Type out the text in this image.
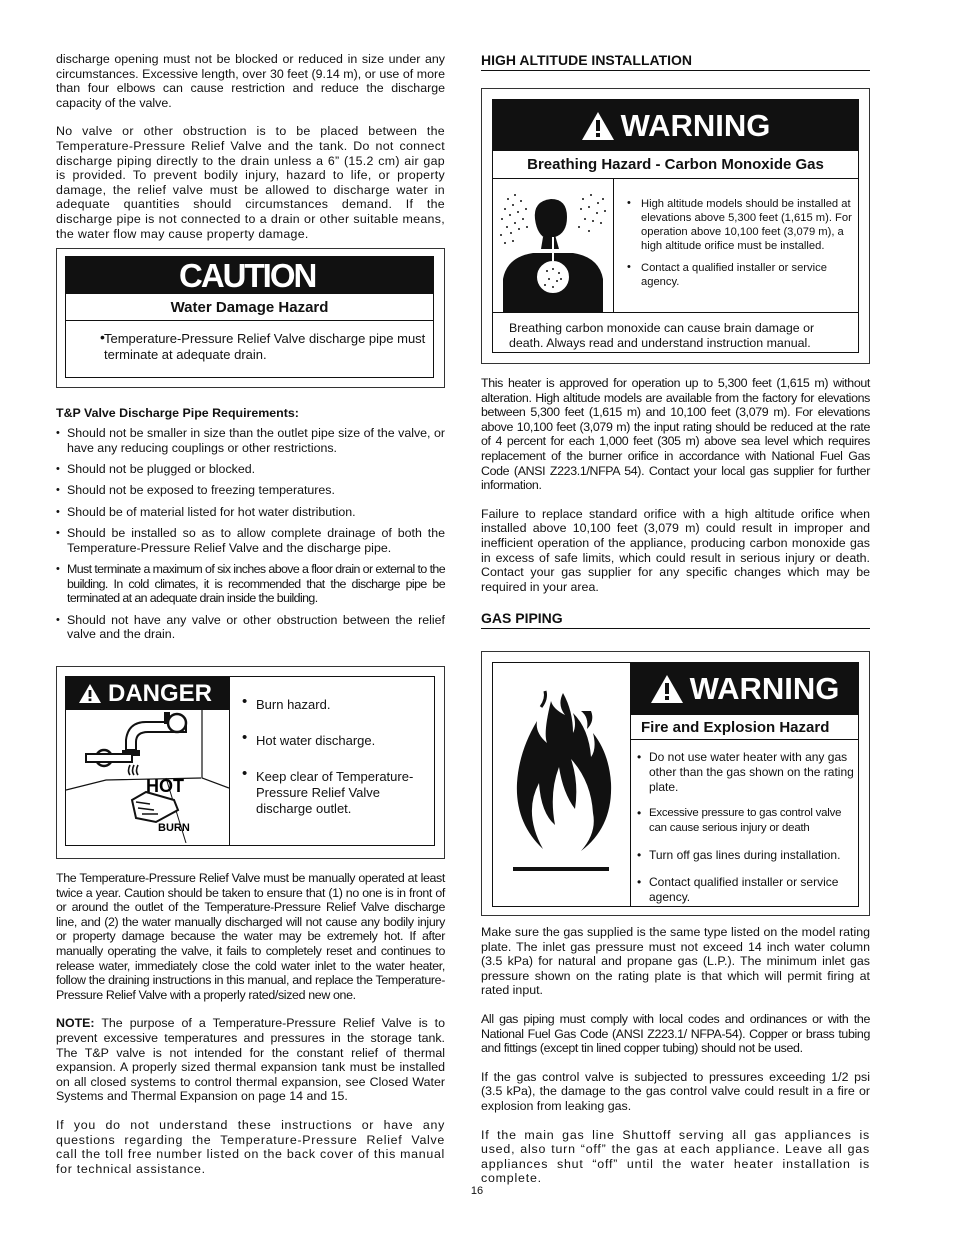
discharge opening must not be blocked or reduced in size under any circumstances. Excessive length, over 30 feet (9.14 m), or use of more than four elbows can cause restriction and reduce the discharge capacity of the valve.

No valve or other obstruction is to be placed between the Temperature-Pressure Relief Valve and the tank. Do not connect discharge piping directly to the drain unless a 6” (15.2 cm) air gap is provided. To prevent bodily injury, hazard to life, or property damage, the relief valve must be allowed to discharge water in adequate quantities should circumstances demand. If the discharge pipe is not connected to a drain or other suitable means, the water flow may cause property damage.

CAUTION
Water Damage Hazard
• Temperature-Pressure Relief Valve discharge pipe must terminate at adequate drain.
T&P Valve Discharge Pipe Requirements:
• Should not be smaller in size than the outlet pipe size of the valve, or have any reducing couplings or other restrictions.
• Should not be plugged or blocked.
• Should not be exposed to freezing temperatures.
• Should be of material listed for hot water distribution.
• Should be installed so as to allow complete drainage of both the Temperature-Pressure Relief Valve and the discharge pipe.
• Must terminate a maximum of six inches above a floor drain or external to the building. In cold climates, it is recommended that the discharge pipe be terminated at an adequate drain inside the building.
• Should not have any valve or other obstruction between the relief valve and the drain.
DANGER
HOT
BURN
• Burn hazard.
• Hot water discharge.
• Keep clear of Temperature-Pressure Relief Valve discharge outlet.

The Temperature-Pressure Relief Valve must be manually operated at least twice a year. Caution should be taken to ensure that (1) no one is in front of or around the outlet of the Temperature-Pressure Relief Valve discharge line, and (2) the water manually discharged will not cause any bodily injury or property damage because the water may be extremely hot. If after manually operating the valve, it fails to completely reset and continues to release water, immediately close the cold water inlet to the water heater, follow the draining instructions in this manual, and replace the Temperature-Pressure Relief Valve with a properly rated/sized new one.

NOTE: The purpose of a Temperature-Pressure Relief Valve is to prevent excessive temperatures and pressures in the storage tank. The T&P valve is not intended for the constant relief of thermal expansion. A properly sized thermal expansion tank must be installed on all closed systems to control thermal expansion, see Closed Water Systems and Thermal Expansion on page 14 and 15.

If you do not understand these instructions or have any questions regarding the Temperature-Pressure Relief Valve call the toll free number listed on the back cover of this manual for technical assistance.

HIGH ALTITUDE INSTALLATION
WARNING
Breathing Hazard - Carbon Monoxide Gas
• High altitude models should be installed at elevations above 5,300 feet (1,615 m). For operation above 10,100 feet (3,079 m), a high altitude orifice must be installed.
• Contact a qualified installer or service agency.
Breathing carbon monoxide can cause brain damage or death. Always read and understand instruction manual.

This heater is approved for operation up to 5,300 feet (1,615 m) without alteration. High altitude models are available from the factory for elevations between 5,300 feet (1,615 m) and 10,100 feet (3,079 m). For elevations above 10,100 feet (3,079 m) the input rating should be reduced at the rate of 4 percent for each 1,000 feet (305 m) above sea level which requires replacement of the burner orifice in accordance with National Fuel Gas Code (ANSI Z223.1/NFPA 54). Contact your local gas supplier for further information.

Failure to replace standard orifice with a high altitude orifice when installed above 10,100 feet (3,079 m) could result in improper and inefficient operation of the appliance, producing carbon monoxide gas in excess of safe limits, which could result in serious injury or death. Contact your gas supplier for any specific changes which may be required in your area.

GAS PIPING
WARNING
Fire and Explosion Hazard
• Do not use water heater with any gas other than the gas shown on the rating plate.
• Excessive pressure to gas control valve can cause serious injury or death
• Turn off gas lines during installation.
• Contact qualified installer or service agency.

Make sure the gas supplied is the same type listed on the model rating plate. The inlet gas pressure must not exceed 14 inch water column (3.5 kPa) for natural and propane gas (L.P.). The minimum inlet gas pressure shown on the rating plate is that which will permit firing at rated input.

All gas piping must comply with local codes and ordinances or with the National Fuel Gas Code (ANSI Z223.1/ NFPA-54). Copper or brass tubing and fittings (except tin lined copper tubing) should not be used.

If the gas control valve is subjected to pressures exceeding 1/2 psi (3.5 kPa), the damage to the gas control valve could result in a fire or explosion from leaking gas.

If the main gas line Shuttoff serving all gas appliances is used, also turn “off” the gas at each appliance. Leave all gas appliances shut “off” until the water heater installation is complete.

16
